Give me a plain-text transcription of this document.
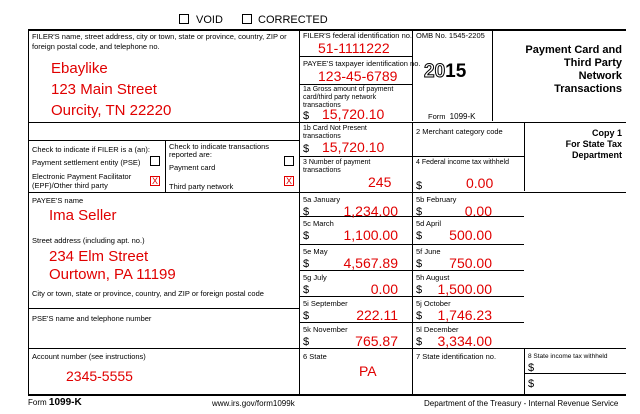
VOID	CORRECTED
FILER'S name, street address, city or town, state or province, country, ZIP or foreign postal code, and telephone no.
Ebaylike
123 Main Street
Ourcity, TN 22220
FILER'S federal identification no.
51-1111222
PAYEE'S taxpayer identification no.
123-45-6789
1a Gross amount of payment card/third party network transactions
$ 15,720.10
OMB No. 1545-2205
2015
Form 1099-K
Payment Card and
Third Party
Network
Transactions
1b Card Not Present transactions
$ 15,720.10
2 Merchant category code	Copy 1
For State Tax
Department
Check to indicate if FILER is a (an):
Payment settlement entity (PSE)
Electronic Payment Facilitator (EPF)/Other third party	X
Check to indicate transactions reported are:
Payment card
Third party network
X
3 Number of payment transactions
245
4 Federal income tax withheld
$	0.00
PAYEE'S name
Ima Seller
Street address (including apt. no.)
234 Elm Street
Ourtown, PA 11199
City or town, state or province, country, and ZIP or foreign postal code
PSE'S name and telephone number
Account number (see instructions)
2345-5555
5a January
$ 1,234.00
5b February
$	0.00
5c March
$ 1,100.00
5d April
$ 500.00
5e May
$ 4,567.89
5f June
$ 750.00
5g July
$	0.00
5h August
$ 1,500.00
5i September
$	222.11
5j October
$ 1,746.23
5k November
$	765.87
5l December
$ 3,334.00
6 State
PA
7 State identification no.	8 State income tax withheld
$
$
Form 1099-K	www.irs.gov/form1099k	Department of the Treasury - Internal Revenue Service
